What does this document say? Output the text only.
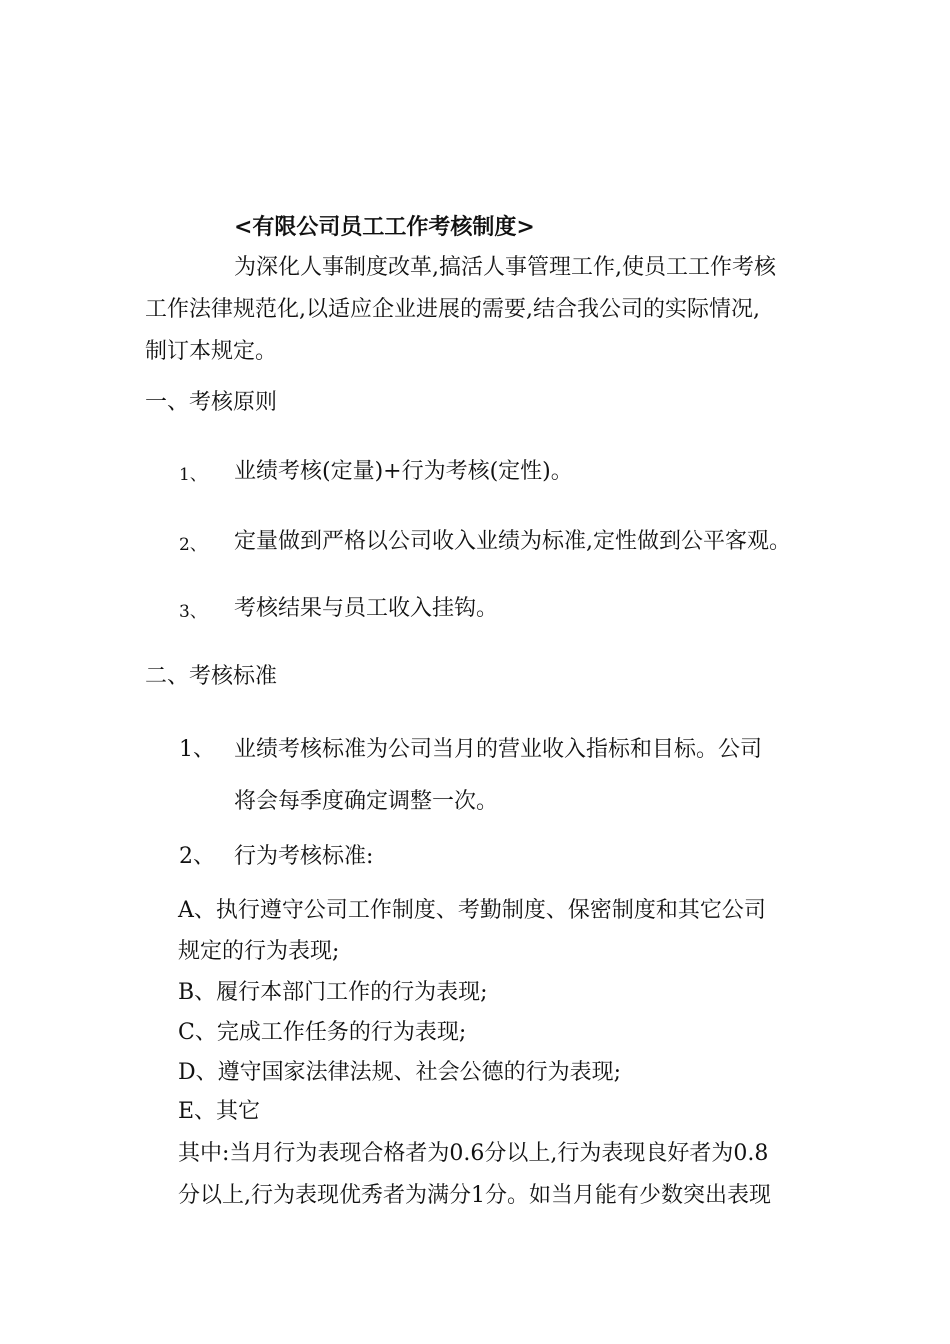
<有限公司员工工作考核制度>
为深化人事制度改革,搞活人事管理工作,使员工工作考核
工作法律规范化,以适应企业进展的需要,结合我公司的实际情况,
制订本规定。
一、考核原则
1、 业绩考核(定量)+行为考核(定性)。
2、 定量做到严格以公司收入业绩为标准,定性做到公平客观。
3、 考核结果与员工收入挂钩。
二、考核标准
1、 业绩考核标准为公司当月的营业收入指标和目标。公司
将会每季度确定调整一次。
2、 行为考核标准:
A、执行遵守公司工作制度、考勤制度、保密制度和其它公司
规定的行为表现;
B、履行本部门工作的行为表现;
C、完成工作任务的行为表现;
D、遵守国家法律法规、社会公德的行为表现;
E、其它
其中:当月行为表现合格者为0.6分以上,行为表现良好者为0.8
分以上,行为表现优秀者为满分1分。如当月能有少数突出表现
